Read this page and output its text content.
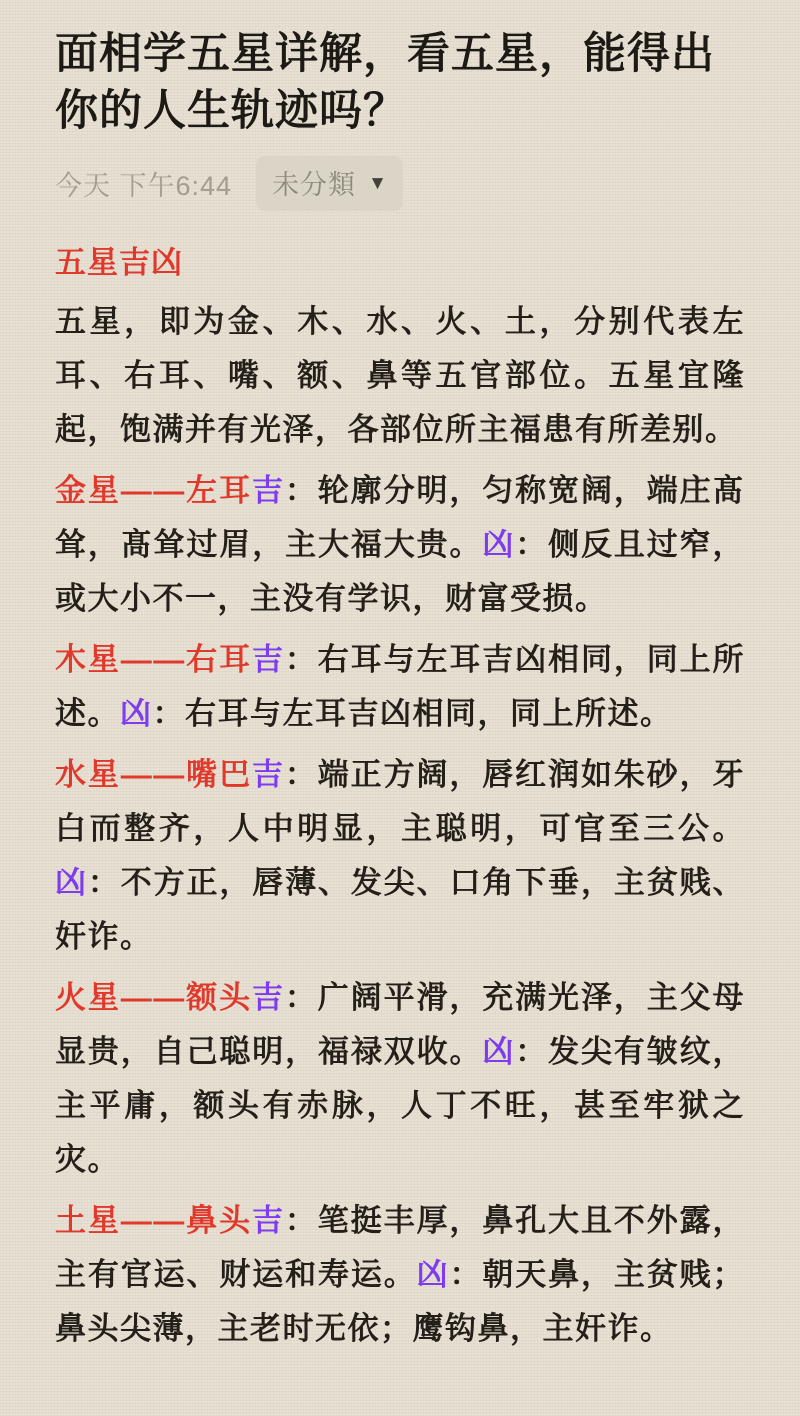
面相学五星详解，看五星，能得出你的人生轨迹吗？
今天 下午6:44 未分類 ▼
五星吉凶

五星，即为金、木、水、火、土，分别代表左耳、右耳、嘴、额、鼻等五官部位。五星宜隆起，饱满并有光泽，各部位所主福患有所差别。

金星——左耳吉：轮廓分明，匀称宽阔，端庄髙耸，髙耸过眉，主大福大贵。凶：侧反且过窄，或大小不一，主没有学识，财富受损。

木星——右耳吉：右耳与左耳吉凶相同，同上所述。凶：右耳与左耳吉凶相同，同上所述。

水星——嘴巴吉：端正方阔，唇红润如朱砂，牙白而整齐，人中明显，主聪明，可官至三公。凶：不方正，唇薄、发尖、口角下垂，主贫贱、奸诈。

火星——额头吉：广阔平滑，充满光泽，主父母显贵，自己聪明，福禄双收。凶：发尖有皱纹，主平庸，额头有赤脉，人丁不旺，甚至牢狱之灾。

土星——鼻头吉：笔挺丰厚，鼻孔大且不外露，主有官运、财运和寿运。凶：朝天鼻，主贫贱；鼻头尖薄，主老时无依；鹰钩鼻，主奸诈。
